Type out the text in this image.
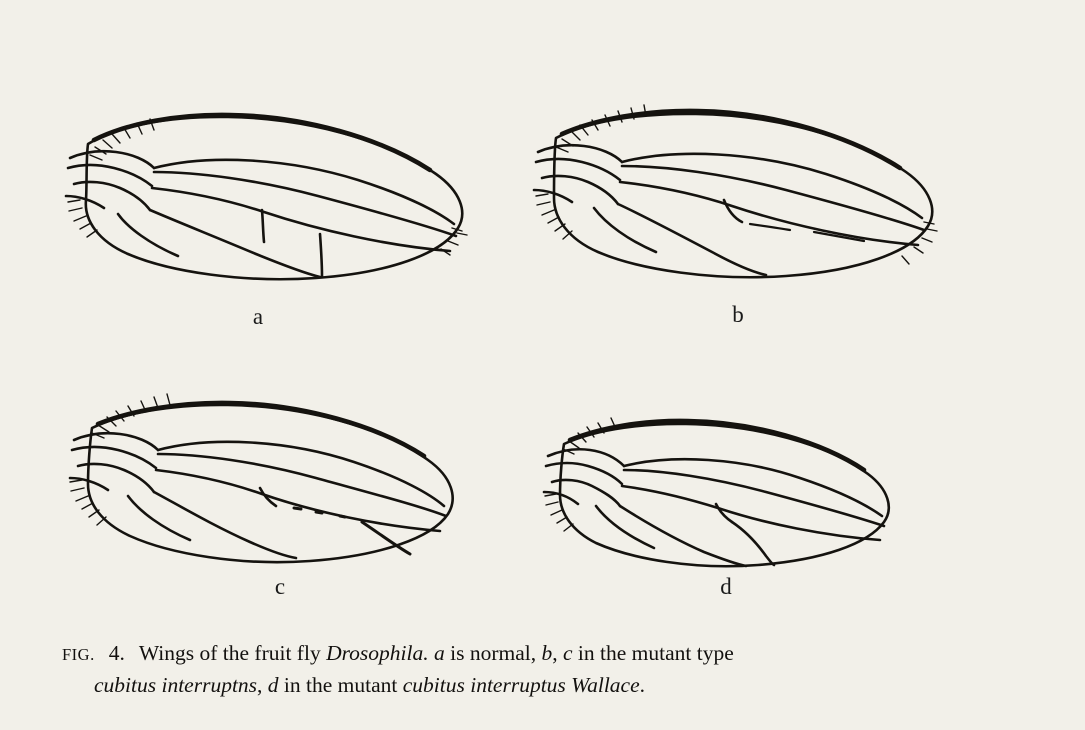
a	b
c	d
FIG. 4. Wings of the fruit fly Drosophila. a is normal, b, c in the mutant type
cubitus interruptns, d in the mutant cubitus interruptus Wallace.
